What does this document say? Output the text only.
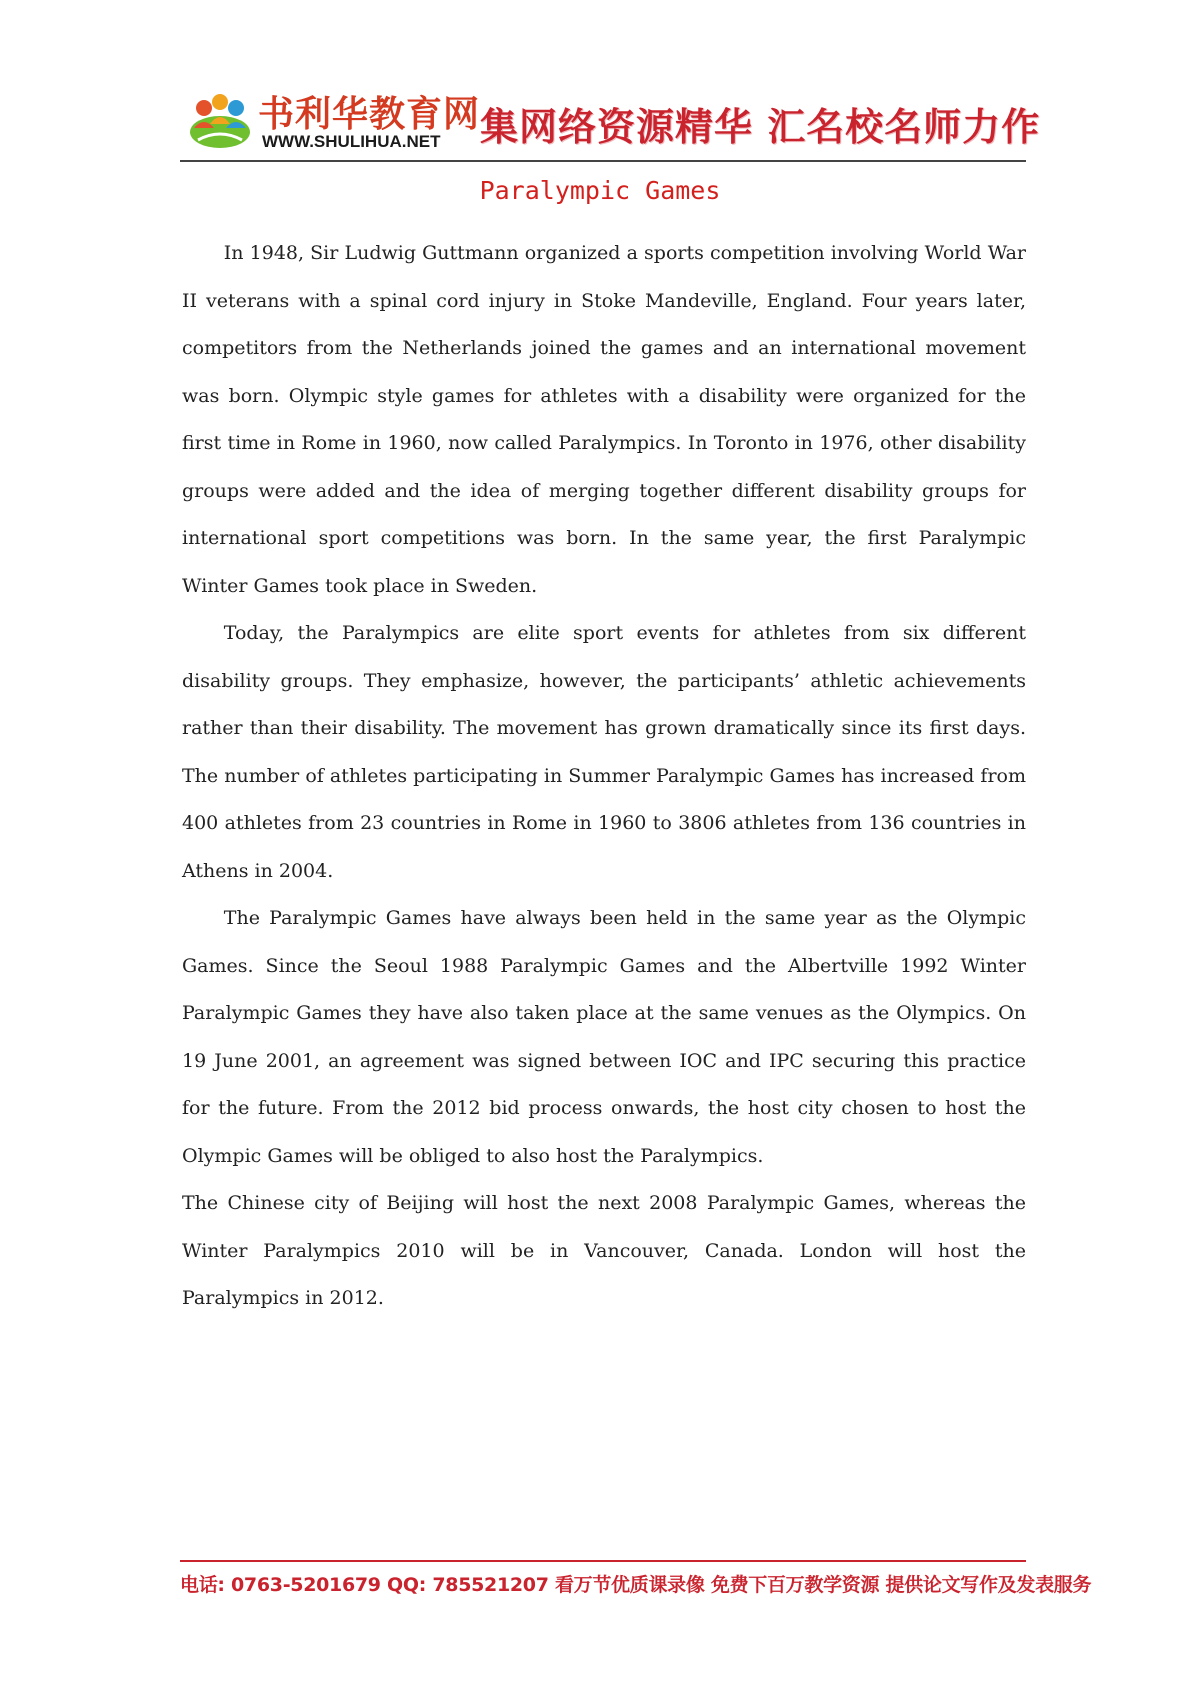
书利华教育网
WWW.SHULIHUA.NET 集网络资源精华 汇名校名师力作
Paralympic Games

In 1948, Sir Ludwig Guttmann organized a sports competition involving World War II veterans with a spinal cord injury in Stoke Mandeville, England. Four years later, competitors from the Netherlands joined the games and an international movement was born. Olympic style games for athletes with a disability were organized for the first time in Rome in 1960, now called Paralympics. In Toronto in 1976, other disability groups were added and the idea of merging together different disability groups for international sport competitions was born. In the same year, the first Paralympic Winter Games took place in Sweden.

Today, the Paralympics are elite sport events for athletes from six different disability groups. They emphasize, however, the participants’ athletic achievements rather than their disability. The movement has grown dramatically since its first days. The number of athletes participating in Summer Paralympic Games has increased from 400 athletes from 23 countries in Rome in 1960 to 3806 athletes from 136 countries in Athens in 2004.

The Paralympic Games have always been held in the same year as the Olympic Games. Since the Seoul 1988 Paralympic Games and the Albertville 1992 Winter Paralympic Games they have also taken place at the same venues as the Olympics. On 19 June 2001, an agreement was signed between IOC and IPC securing this practice for the future. From the 2012 bid process onwards, the host city chosen to host the Olympic Games will be obliged to also host the Paralympics.

The Chinese city of Beijing will host the next 2008 Paralympic Games, whereas the Winter Paralympics 2010 will be in Vancouver, Canada. London will host the Paralympics in 2012.

电话: 0763-5201679 QQ: 785521207 看万节优质课录像 免费下百万教学资源 提供论文写作及发表服务
